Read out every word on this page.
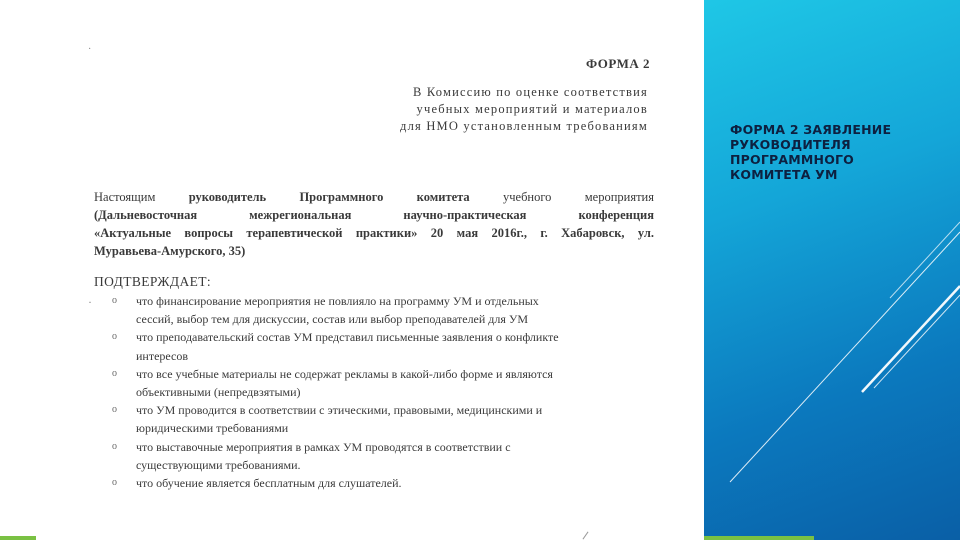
·
·
ФОРМА 2
В Комиссию по оценке соответствия
учебных мероприятий и материалов
для НМО установленным требованиям
Настоящим	руководитель	Программного	комитета	учебного	мероприятия
(Дальневосточная	межрегиональная	научно-практическая	конференция
«Актуальные вопросы терапевтической практики» 20 мая 2016г., г. Хабаровск, ул.
Муравьева-Амурского, 35)
ПОДТВЕРЖДАЕТ:
o что финансирование мероприятия не повлияло на программу УМ и отдельных
сессий, выбор тем для дискуссии, состав или выбор преподавателей для УМ
o что преподавательский состав УМ представил письменные заявления о конфликте
интересов
o что все учебные материалы не содержат рекламы в какой-либо форме и являются
объективными (непредвзятыми)
o что УМ проводится в соответствии с этическими, правовыми, медицинскими и
юридическими требованиями
o что выставочные мероприятия в рамках УМ проводятся в соответствии с
существующими требованиями.
o что обучение является бесплатным для слушателей.
ФОРМА 2 ЗАЯВЛЕНИЕ
РУКОВОДИТЕЛЯ
ПРОГРАММНОГО
КОМИТЕТА УМ
